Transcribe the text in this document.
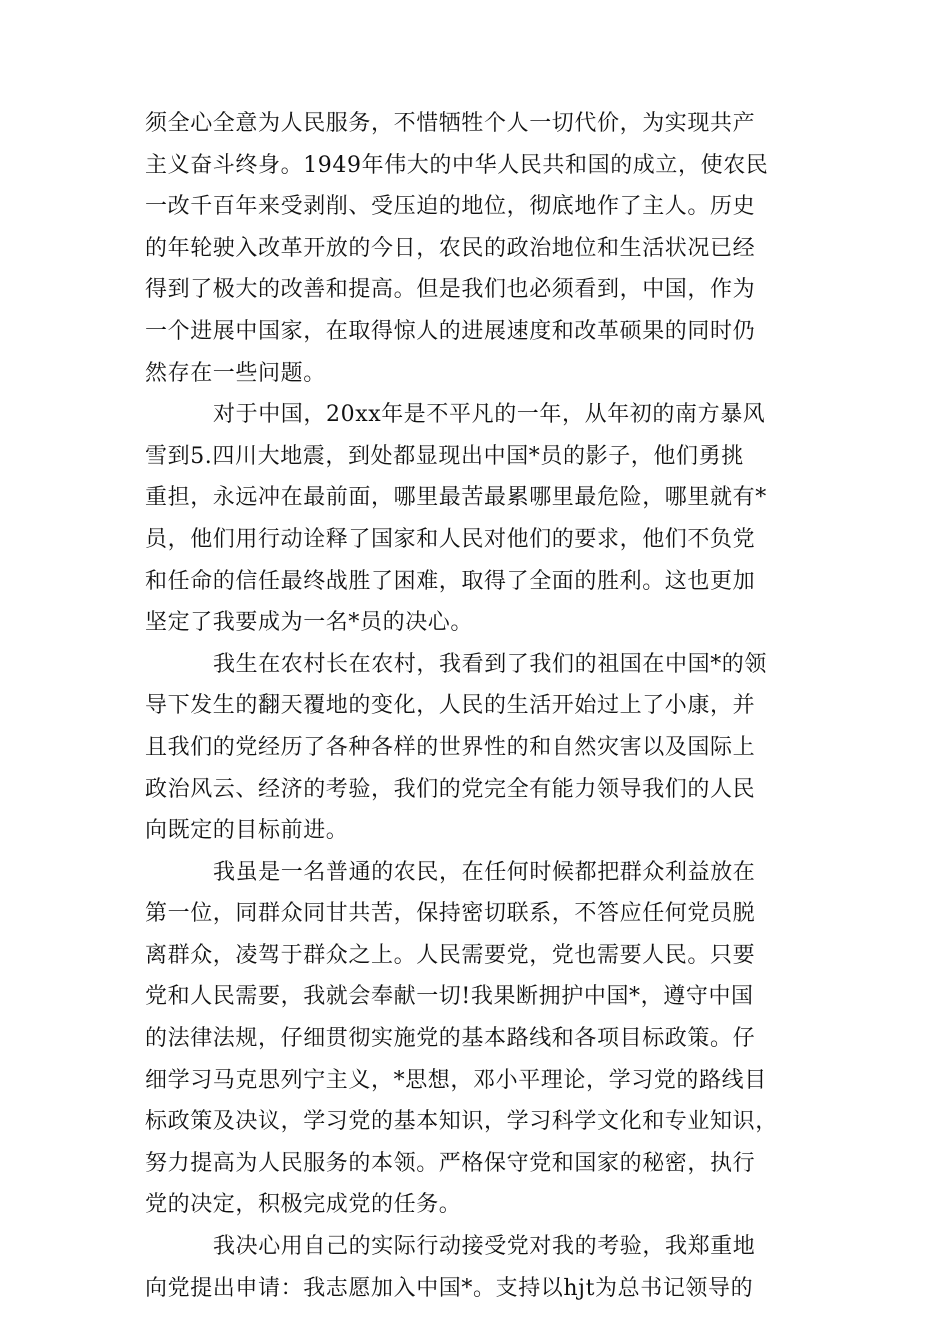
须全心全意为人民服务，不惜牺牲个人一切代价，为实现共产
主义奋斗终身。1949年伟大的中华人民共和国的成立，使农民
一改千百年来受剥削、受压迫的地位，彻底地作了主人。历史
的年轮驶入改革开放的今日，农民的政治地位和生活状况已经
得到了极大的改善和提高。但是我们也必须看到，中国，作为
一个进展中国家，在取得惊人的进展速度和改革硕果的同时仍
然存在一些问题。
对于中国，20xx年是不平凡的一年，从年初的南方暴风
雪到5.四川大地震，到处都显现出中国*员的影子，他们勇挑
重担，永远冲在最前面，哪里最苦最累哪里最危险，哪里就有*
员，他们用行动诠释了国家和人民对他们的要求，他们不负党
和任命的信任最终战胜了困难，取得了全面的胜利。这也更加
坚定了我要成为一名*员的决心。
我生在农村长在农村，我看到了我们的祖国在中国*的领
导下发生的翻天覆地的变化，人民的生活开始过上了小康，并
且我们的党经历了各种各样的世界性的和自然灾害以及国际上
政治风云、经济的考验，我们的党完全有能力领导我们的人民
向既定的目标前进。
我虽是一名普通的农民，在任何时候都把群众利益放在
第一位，同群众同甘共苦，保持密切联系，不答应任何党员脱
离群众，凌驾于群众之上。人民需要党，党也需要人民。只要
党和人民需要，我就会奉献一切!我果断拥护中国*，遵守中国
的法律法规，仔细贯彻实施党的基本路线和各项目标政策。仔
细学习马克思列宁主义，*思想，邓小平理论，学习党的路线目
标政策及决议，学习党的基本知识，学习科学文化和专业知识，
努力提高为人民服务的本领。严格保守党和国家的秘密，执行
党的决定，积极完成党的任务。
我决心用自己的实际行动接受党对我的考验，我郑重地
向党提出申请：我志愿加入中国*。支持以hjt为总书记领导的
